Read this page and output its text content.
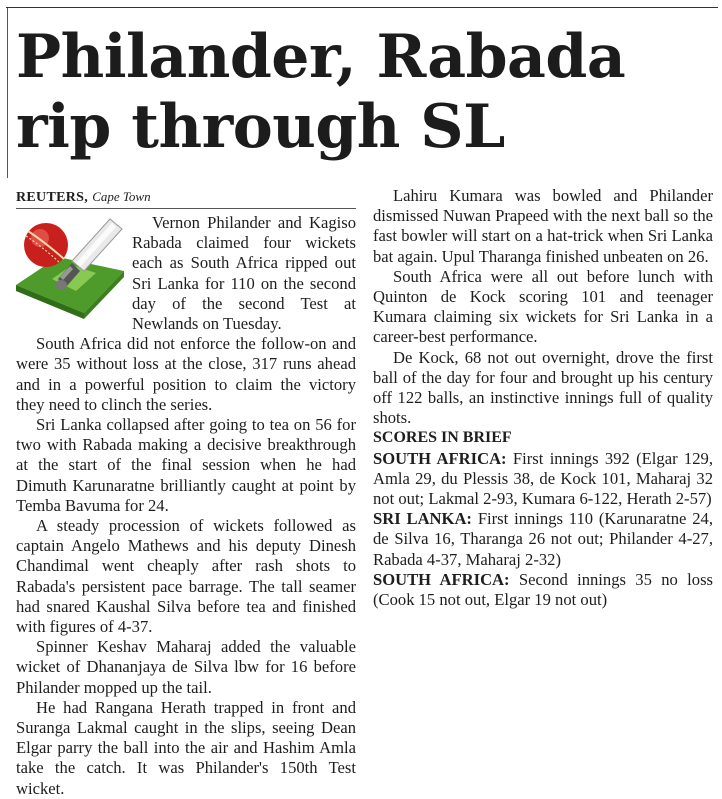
Philander, Rabada
rip through SL
REUTERS, Cape Town

Vernon Philander and Kagiso Rabada claimed four wickets each as South Africa ripped out Sri Lanka for 110 on the second day of the second Test at Newlands on Tuesday.

South Africa did not enforce the follow-on and were 35 without loss at the close, 317 runs ahead and in a powerful position to claim the victory they need to clinch the series.

Sri Lanka collapsed after going to tea on 56 for two with Rabada making a decisive breakthrough at the start of the final session when he had Dimuth Karunaratne brilliantly caught at point by Temba Bavuma for 24.

A steady procession of wickets followed as captain Angelo Mathews and his deputy Dinesh Chandimal went cheaply after rash shots to Rabada's persistent pace barrage. The tall seamer had snared Kaushal Silva before tea and finished with figures of 4-37.

Spinner Keshav Maharaj added the valuable wicket of Dhananjaya de Silva lbw for 16 before Philander mopped up the tail.

He had Rangana Herath trapped in front and Suranga Lakmal caught in the slips, seeing Dean Elgar parry the ball into the air and Hashim Amla take the catch. It was Philander's 150th Test wicket.

Lahiru Kumara was bowled and Philander dismissed Nuwan Prapeed with the next ball so the fast bowler will start on a hat-trick when Sri Lanka bat again. Upul Tharanga finished unbeaten on 26.

South Africa were all out before lunch with Quinton de Kock scoring 101 and teenager Kumara claiming six wickets for Sri Lanka in a career-best performance.

De Kock, 68 not out overnight, drove the first ball of the day for four and brought up his century off 122 balls, an instinctive innings full of quality shots.

SCORES IN BRIEF

SOUTH AFRICA: First innings 392 (Elgar 129, Amla 29, du Plessis 38, de Kock 101, Maharaj 32 not out; Lakmal 2-93, Kumara 6-122, Herath 2-57)

SRI LANKA: First innings 110 (Karunaratne 24, de Silva 16, Tharanga 26 not out; Philander 4-27, Rabada 4-37, Maharaj 2-32)

SOUTH AFRICA: Second innings 35 no loss (Cook 15 not out, Elgar 19 not out)
